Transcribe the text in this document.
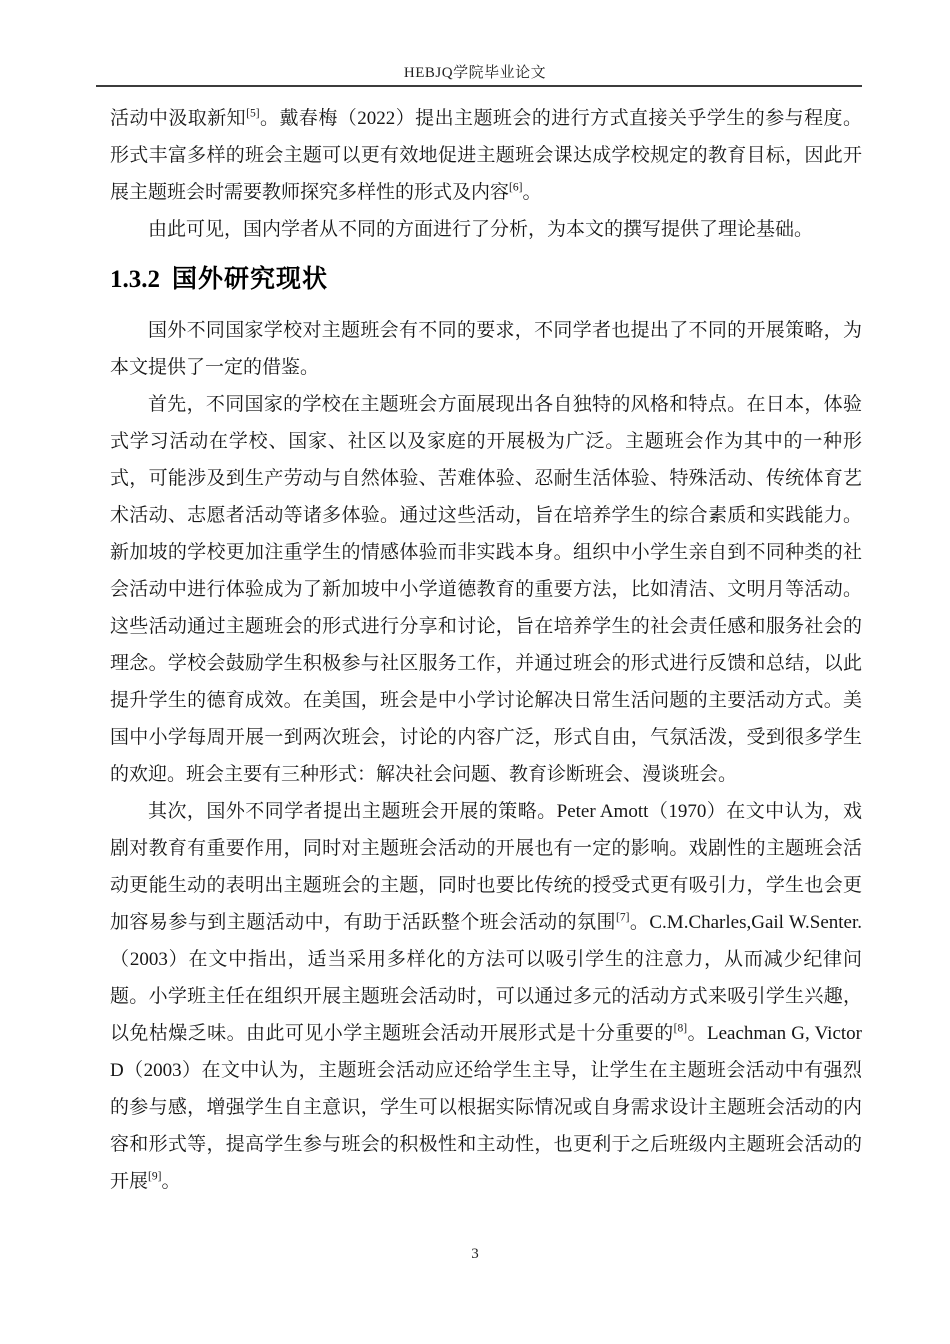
HEBJQ学院毕业论文

活动中汲取新知[5]。戴春梅（2022）提出主题班会的进行方式直接关乎学生的参与程度。形式丰富多样的班会主题可以更有效地促进主题班会课达成学校规定的教育目标，因此开展主题班会时需要教师探究多样性的形式及内容[6]。

由此可见，国内学者从不同的方面进行了分析，为本文的撰写提供了理论基础。

1.3.2 国外研究现状

国外不同国家学校对主题班会有不同的要求，不同学者也提出了不同的开展策略，为本文提供了一定的借鉴。

首先，不同国家的学校在主题班会方面展现出各自独特的风格和特点。在日本，体验式学习活动在学校、国家、社区以及家庭的开展极为广泛。主题班会作为其中的一种形式，可能涉及到生产劳动与自然体验、苦难体验、忍耐生活体验、特殊活动、传统体育艺术活动、志愿者活动等诸多体验。通过这些活动，旨在培养学生的综合素质和实践能力。新加坡的学校更加注重学生的情感体验而非实践本身。组织中小学生亲自到不同种类的社会活动中进行体验成为了新加坡中小学道德教育的重要方法，比如清洁、文明月等活动。这些活动通过主题班会的形式进行分享和讨论，旨在培养学生的社会责任感和服务社会的理念。学校会鼓励学生积极参与社区服务工作，并通过班会的形式进行反馈和总结，以此提升学生的德育成效。在美国，班会是中小学讨论解决日常生活问题的主要活动方式。美国中小学每周开展一到两次班会，讨论的内容广泛，形式自由，气氛活泼，受到很多学生的欢迎。班会主要有三种形式：解决社会问题、教育诊断班会、漫谈班会。

其次，国外不同学者提出主题班会开展的策略。Peter Amott（1970）在文中认为，戏剧对教育有重要作用，同时对主题班会活动的开展也有一定的影响。戏剧性的主题班会活动更能生动的表明出主题班会的主题，同时也要比传统的授受式更有吸引力，学生也会更加容易参与到主题活动中，有助于活跃整个班会活动的氛围[7]。C.M.Charles,Gail W.Senter.（2003）在文中指出，适当采用多样化的方法可以吸引学生的注意力，从而减少纪律问题。小学班主任在组织开展主题班会活动时，可以通过多元的活动方式来吸引学生兴趣，以免枯燥乏味。由此可见小学主题班会活动开展形式是十分重要的[8]。Leachman G, Victor D（2003）在文中认为，主题班会活动应还给学生主导，让学生在主题班会活动中有强烈的参与感，增强学生自主意识，学生可以根据实际情况或自身需求设计主题班会活动的内容和形式等，提高学生参与班会的积极性和主动性，也更利于之后班级内主题班会活动的开展[9]。

3
